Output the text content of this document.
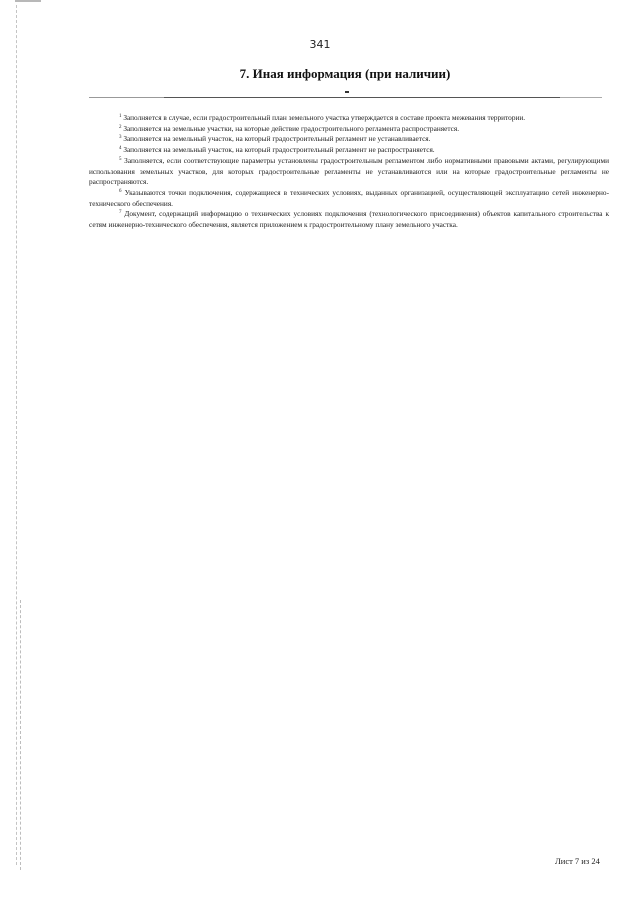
341
7. Иная информация (при наличии)

$^1$ Заполняется в случае, если градостроительный план земельного участка утверждается в составе проекта межевания территории.

$^2$ Заполняется на земельные участки, на которые действие градостроительного регламента распространяется.

$^3$ Заполняется на земельный участок, на который градостроительный регламент не устанавливается.

$^4$ Заполняется на земельный участок, на который градостроительный регламент не распространяется.

$^5$ Заполняется, если соответствующие параметры установлены градостроительным регламентом либо нормативными правовыми актами, регулирующими использования земельных участков, для которых градостроительные регламенты не устанавливаются или на которые градостроительные регламенты не распространяются.

$^6$ Указываются точки подключения, содержащиеся в технических условиях, выданных организацией, осуществляющей эксплуатацию сетей инженерно-технического обеспечения.

$^7$ Документ, содержащий информацию о технических условиях подключения (технологического присоединения) объектов капитального строительства к сетям инженерно-технического обеспечения, является приложением к градостроительному плану земельного участка.

Лист 7 из 24
